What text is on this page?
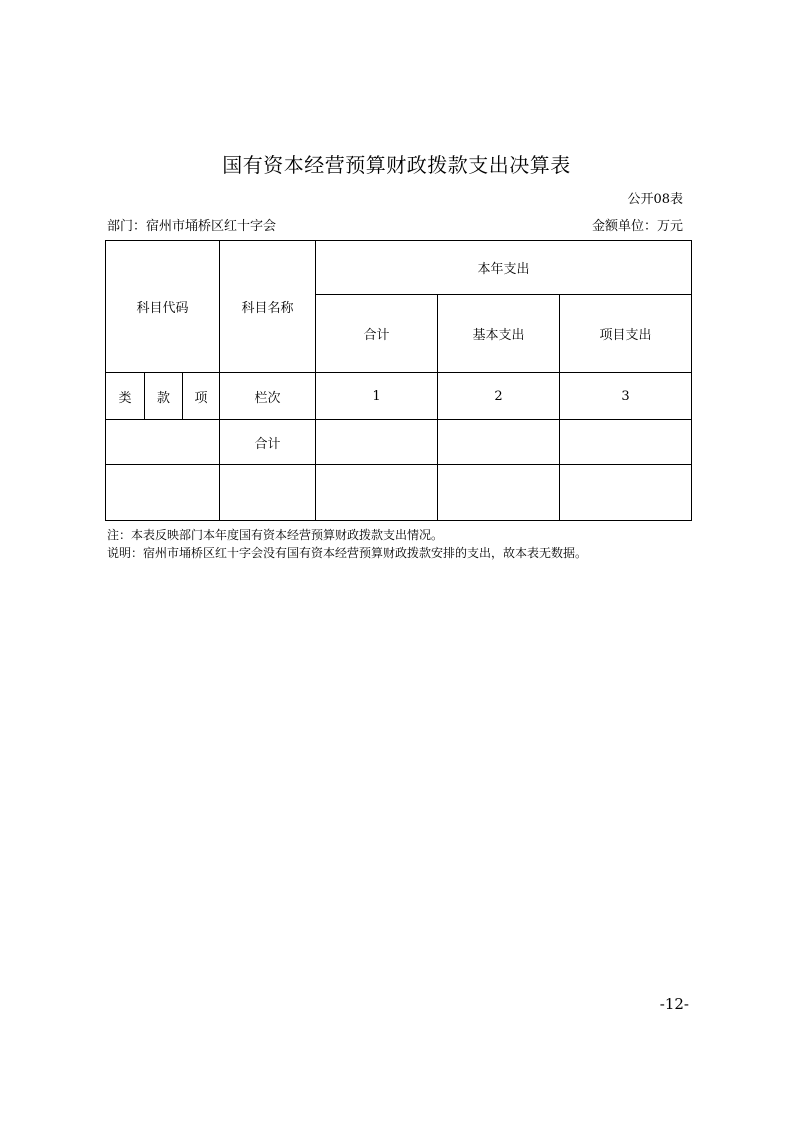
国有资本经营预算财政拨款支出决算表
公开08表
部门：宿州市埇桥区红十字会	金额单位：万元
科目代码			科目名称	本年支出		
				合计	基本支出	项目支出
类	款	项	栏次	1	2	3
			合计			

注：本表反映部门本年度国有资本经营预算财政拨款支出情况。
说明：宿州市埇桥区红十字会没有国有资本经营预算财政拨款安排的支出，故本表无数据。
-12-
